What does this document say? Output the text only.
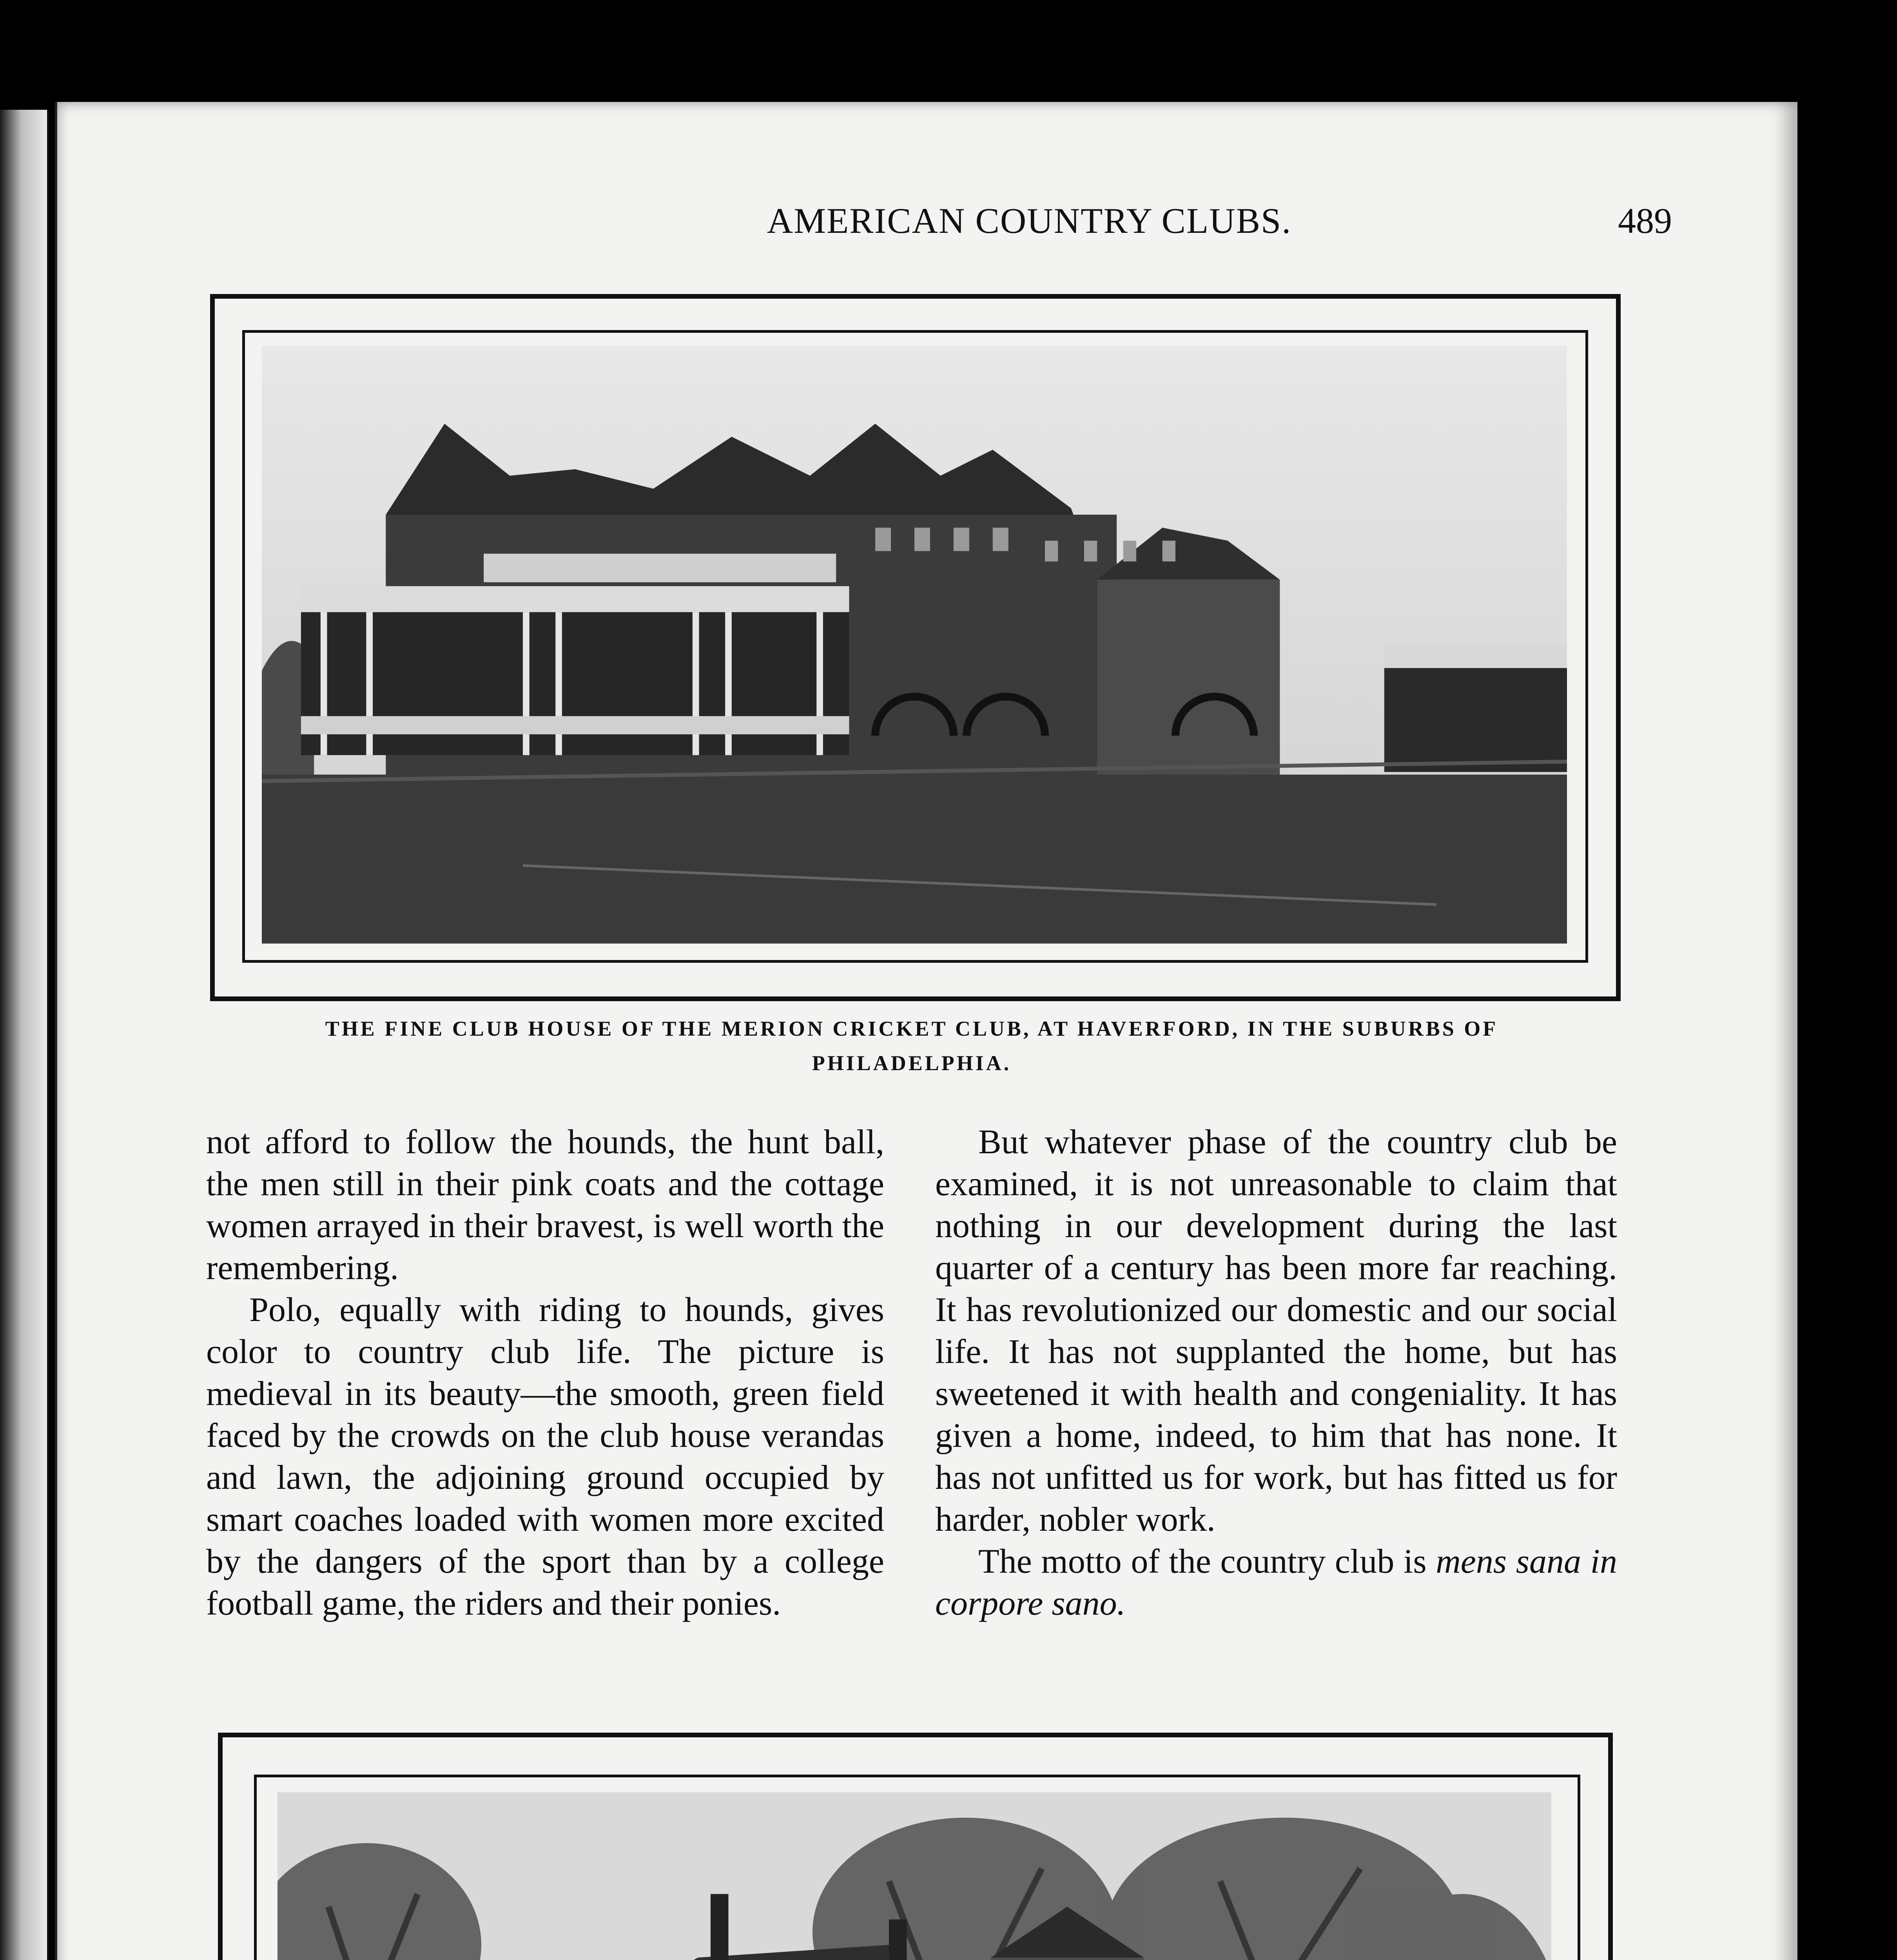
AMERICAN COUNTRY CLUBS.	489
THE FINE CLUB HOUSE OF THE MERION CRICKET CLUB, AT HAVERFORD, IN THE SUBURBS OF
PHILADELPHIA.

not afford to follow the hounds, the hunt ball, the men still in their pink coats and the cottage women arrayed in their bravest, is well worth the remembering.

Polo, equally with riding to hounds, gives color to country club life. The picture is medieval in its beauty—the smooth, green field faced by the crowds on the club house verandas and lawn, the adjoining ground occupied by smart coaches loaded with women more excited by the dangers of the sport than by a college football game, the riders and their ponies.

But whatever phase of the country club be examined, it is not unreasonable to claim that nothing in our development during the last quarter of a century has been more far reaching. It has revolutionized our domestic and our social life. It has not supplanted the home, but has sweetened it with health and congeniality. It has given a home, indeed, to him that has none. It has not unfitted us for work, but has fitted us for harder, nobler work.

The motto of the country club is mens sana in corpore sano.
